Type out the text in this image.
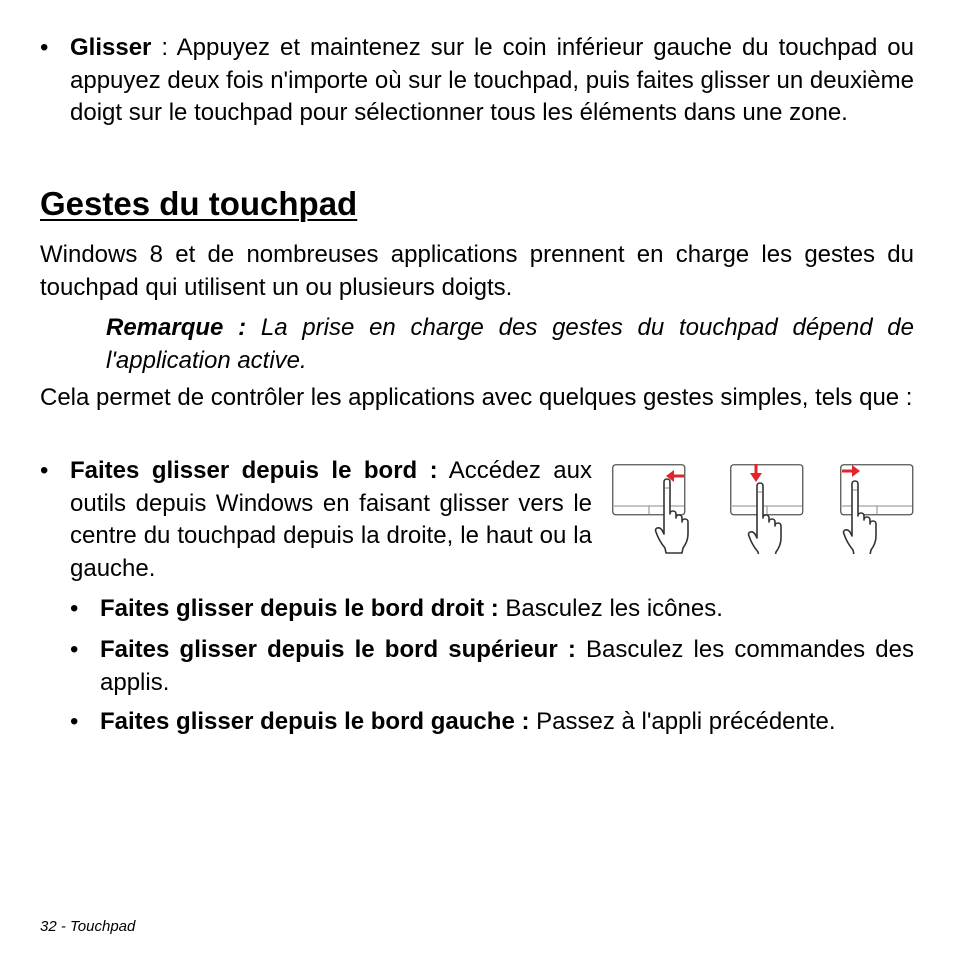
• Glisser : Appuyez et maintenez sur le coin inférieur gauche du touchpad ou appuyez deux fois n'importe où sur le touchpad, puis faites glisser un deuxième doigt sur le touchpad pour sélectionner tous les éléments dans une zone.
Gestes du touchpad
Windows 8 et de nombreuses applications prennent en charge les gestes du touchpad qui utilisent un ou plusieurs doigts.
Remarque : La prise en charge des gestes du touchpad dépend de l'application active.
Cela permet de contrôler les applications avec quelques gestes simples, tels que :
• Faites glisser depuis le bord : Accédez aux outils depuis Windows en faisant glisser vers le centre du touchpad depuis la droite, le haut ou la gauche.
• Faites glisser depuis le bord droit : Basculez les icônes.
• Faites glisser depuis le bord supérieur : Basculez les commandes des applis.
• Faites glisser depuis le bord gauche : Passez à l'appli précédente.
32 - Touchpad
